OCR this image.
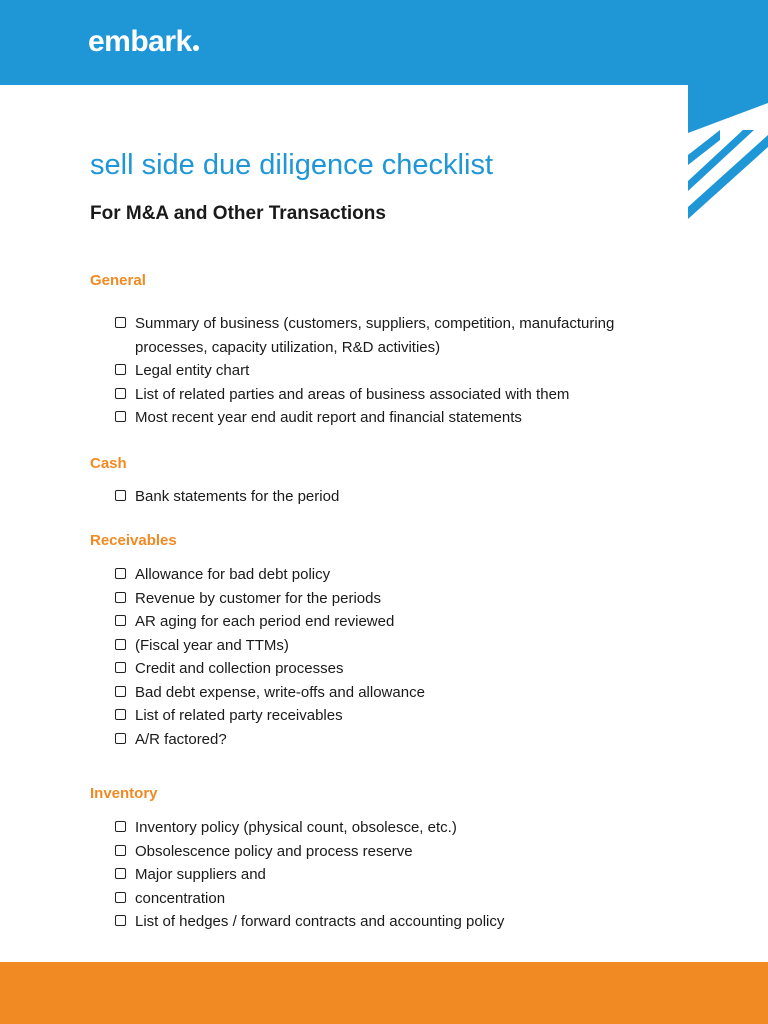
embark
sell side due diligence checklist
For M&A and Other Transactions
General
Summary of business (customers, suppliers, competition, manufacturing processes, capacity utilization, R&D activities)
Legal entity chart
List of related parties and areas of business associated with them
Most recent year end audit report and financial statements
Cash
Bank statements for the period
Receivables
Allowance for bad debt policy
Revenue by customer for the periods
AR aging for each period end reviewed
(Fiscal year and TTMs)
Credit and collection processes
Bad debt expense, write-offs and allowance
List of related party receivables
A/R factored?
Inventory
Inventory policy (physical count, obsolesce, etc.)
Obsolescence policy and process reserve
Major suppliers and
concentration
List of hedges / forward contracts and accounting policy
